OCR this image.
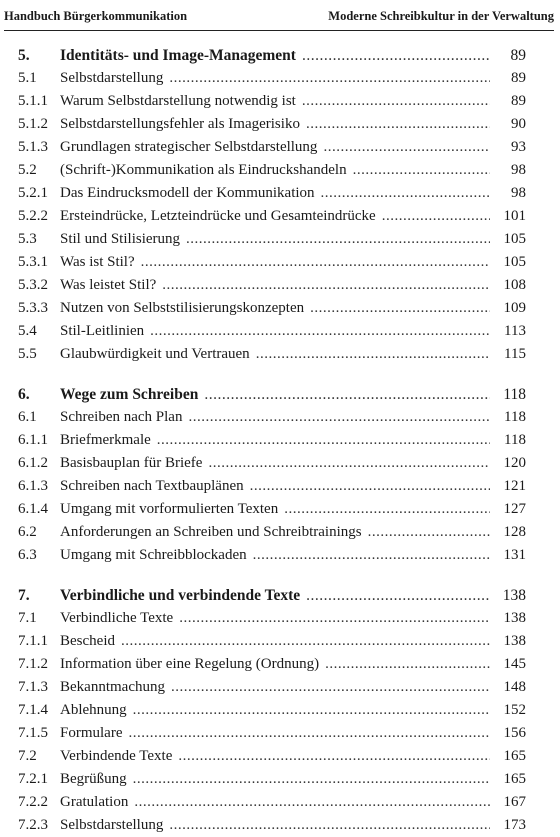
Handbuch Bürgerkommunikation	Moderne Schreibkultur in der Verwaltung
5.	Identitäts- und Image-Management .....	89
5.1	Selbstdarstellung .....	89
5.1.1 Warum Selbstdarstellung notwendig ist .....	89
5.1.2 Selbstdarstellungsfehler als Imagerisiko .....	90
5.1.3 Grundlagen strategischer Selbstdarstellung .....	93
5.2	(Schrift-)Kommunikation als Eindruckshandeln .....	98
5.2.1 Das Eindrucksmodell der Kommunikation .....	98
5.2.2 Ersteindrücke, Letzteindrücke und Gesamteindrücke .....	101
5.3	Stil und Stilisierung .....	105
5.3.1 Was ist Stil? .....	105
5.3.2 Was leistet Stil? .....	108
5.3.3 Nutzen von Selbststilisierungskonzepten .....	109
5.4	Stil-Leitlinien .....	113
5.5	Glaubwürdigkeit und Vertrauen .....	115
6.	Wege zum Schreiben .....	118
6.1	Schreiben nach Plan .....	118
6.1.1 Briefmerkmale .....	118
6.1.2 Basisbauplan für Briefe .....	120
6.1.3 Schreiben nach Textbauplänen .....	121
6.1.4 Umgang mit vorformulierten Texten .....	127
6.2	Anforderungen an Schreiben und Schreibtrainings .....	128
6.3	Umgang mit Schreibblockaden .....	131
7.	Verbindliche und verbindende Texte .....	138
7.1	Verbindliche Texte .....	138
7.1.1 Bescheid .....	138
7.1.2 Information über eine Regelung (Ordnung) .....	145
7.1.3 Bekanntmachung .....	148
7.1.4 Ablehnung .....	152
7.1.5 Formulare .....	156
7.2	Verbindende Texte .....	165
7.2.1 Begrüßung .....	165
7.2.2 Gratulation .....	167
7.2.3 Selbstdarstellung .....	173
